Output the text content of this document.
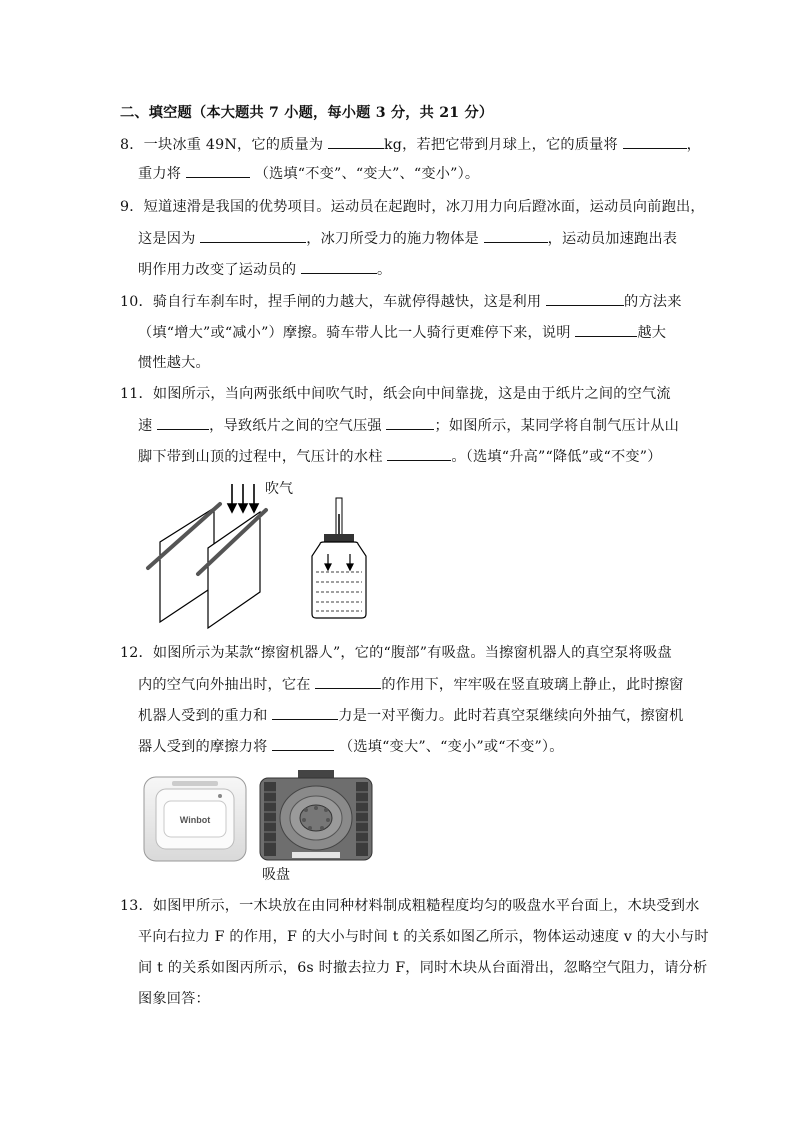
二、填空题（本大题共 7 小题，每小题 3 分，共 21 分）
8．一块冰重 49N，它的质量为	kg，若把它带到月球上，它的质量将	，
重力将	（选填“不变”、“变大”、“变小”）。
9．短道速滑是我国的优势项目。运动员在起跑时，冰刀用力向后蹬冰面，运动员向前跑出，
这是因为	，冰刀所受力的施力物体是	，运动员加速跑出表
明作用力改变了运动员的	。
10．骑自行车刹车时，捏手闸的力越大，车就停得越快，这是利用	的方法来
（填“增大”或“减小”）摩擦。骑车带人比一人骑行更难停下来，说明	越大
惯性越大。
11．如图所示，当向两张纸中间吹气时，纸会向中间靠拢，这是由于纸片之间的空气流
速	，导致纸片之间的空气压强	；如图所示，某同学将自制气压计从山
脚下带到山顶的过程中，气压计的水柱	。（选填“升高”“降低”或“不变”）
吹气
12．如图所示为某款“擦窗机器人”，它的“腹部”有吸盘。当擦窗机器人的真空泵将吸盘
内的空气向外抽出时，它在	的作用下，牢牢吸在竖直玻璃上静止，此时擦窗
机器人受到的重力和	力是一对平衡力。此时若真空泵继续向外抽气，擦窗机
器人受到的摩擦力将	（选填“变大”、“变小”或“不变”）。
Winbot
吸盘
13．如图甲所示，一木块放在由同种材料制成粗糙程度均匀的吸盘水平台面上，木块受到水
平向右拉力 F 的作用，F 的大小与时间 t 的关系如图乙所示，物体运动速度 v 的大小与时
间 t 的关系如图丙所示，6s 时撤去拉力 F，同时木块从台面滑出，忽略空气阻力，请分析
图象回答：
